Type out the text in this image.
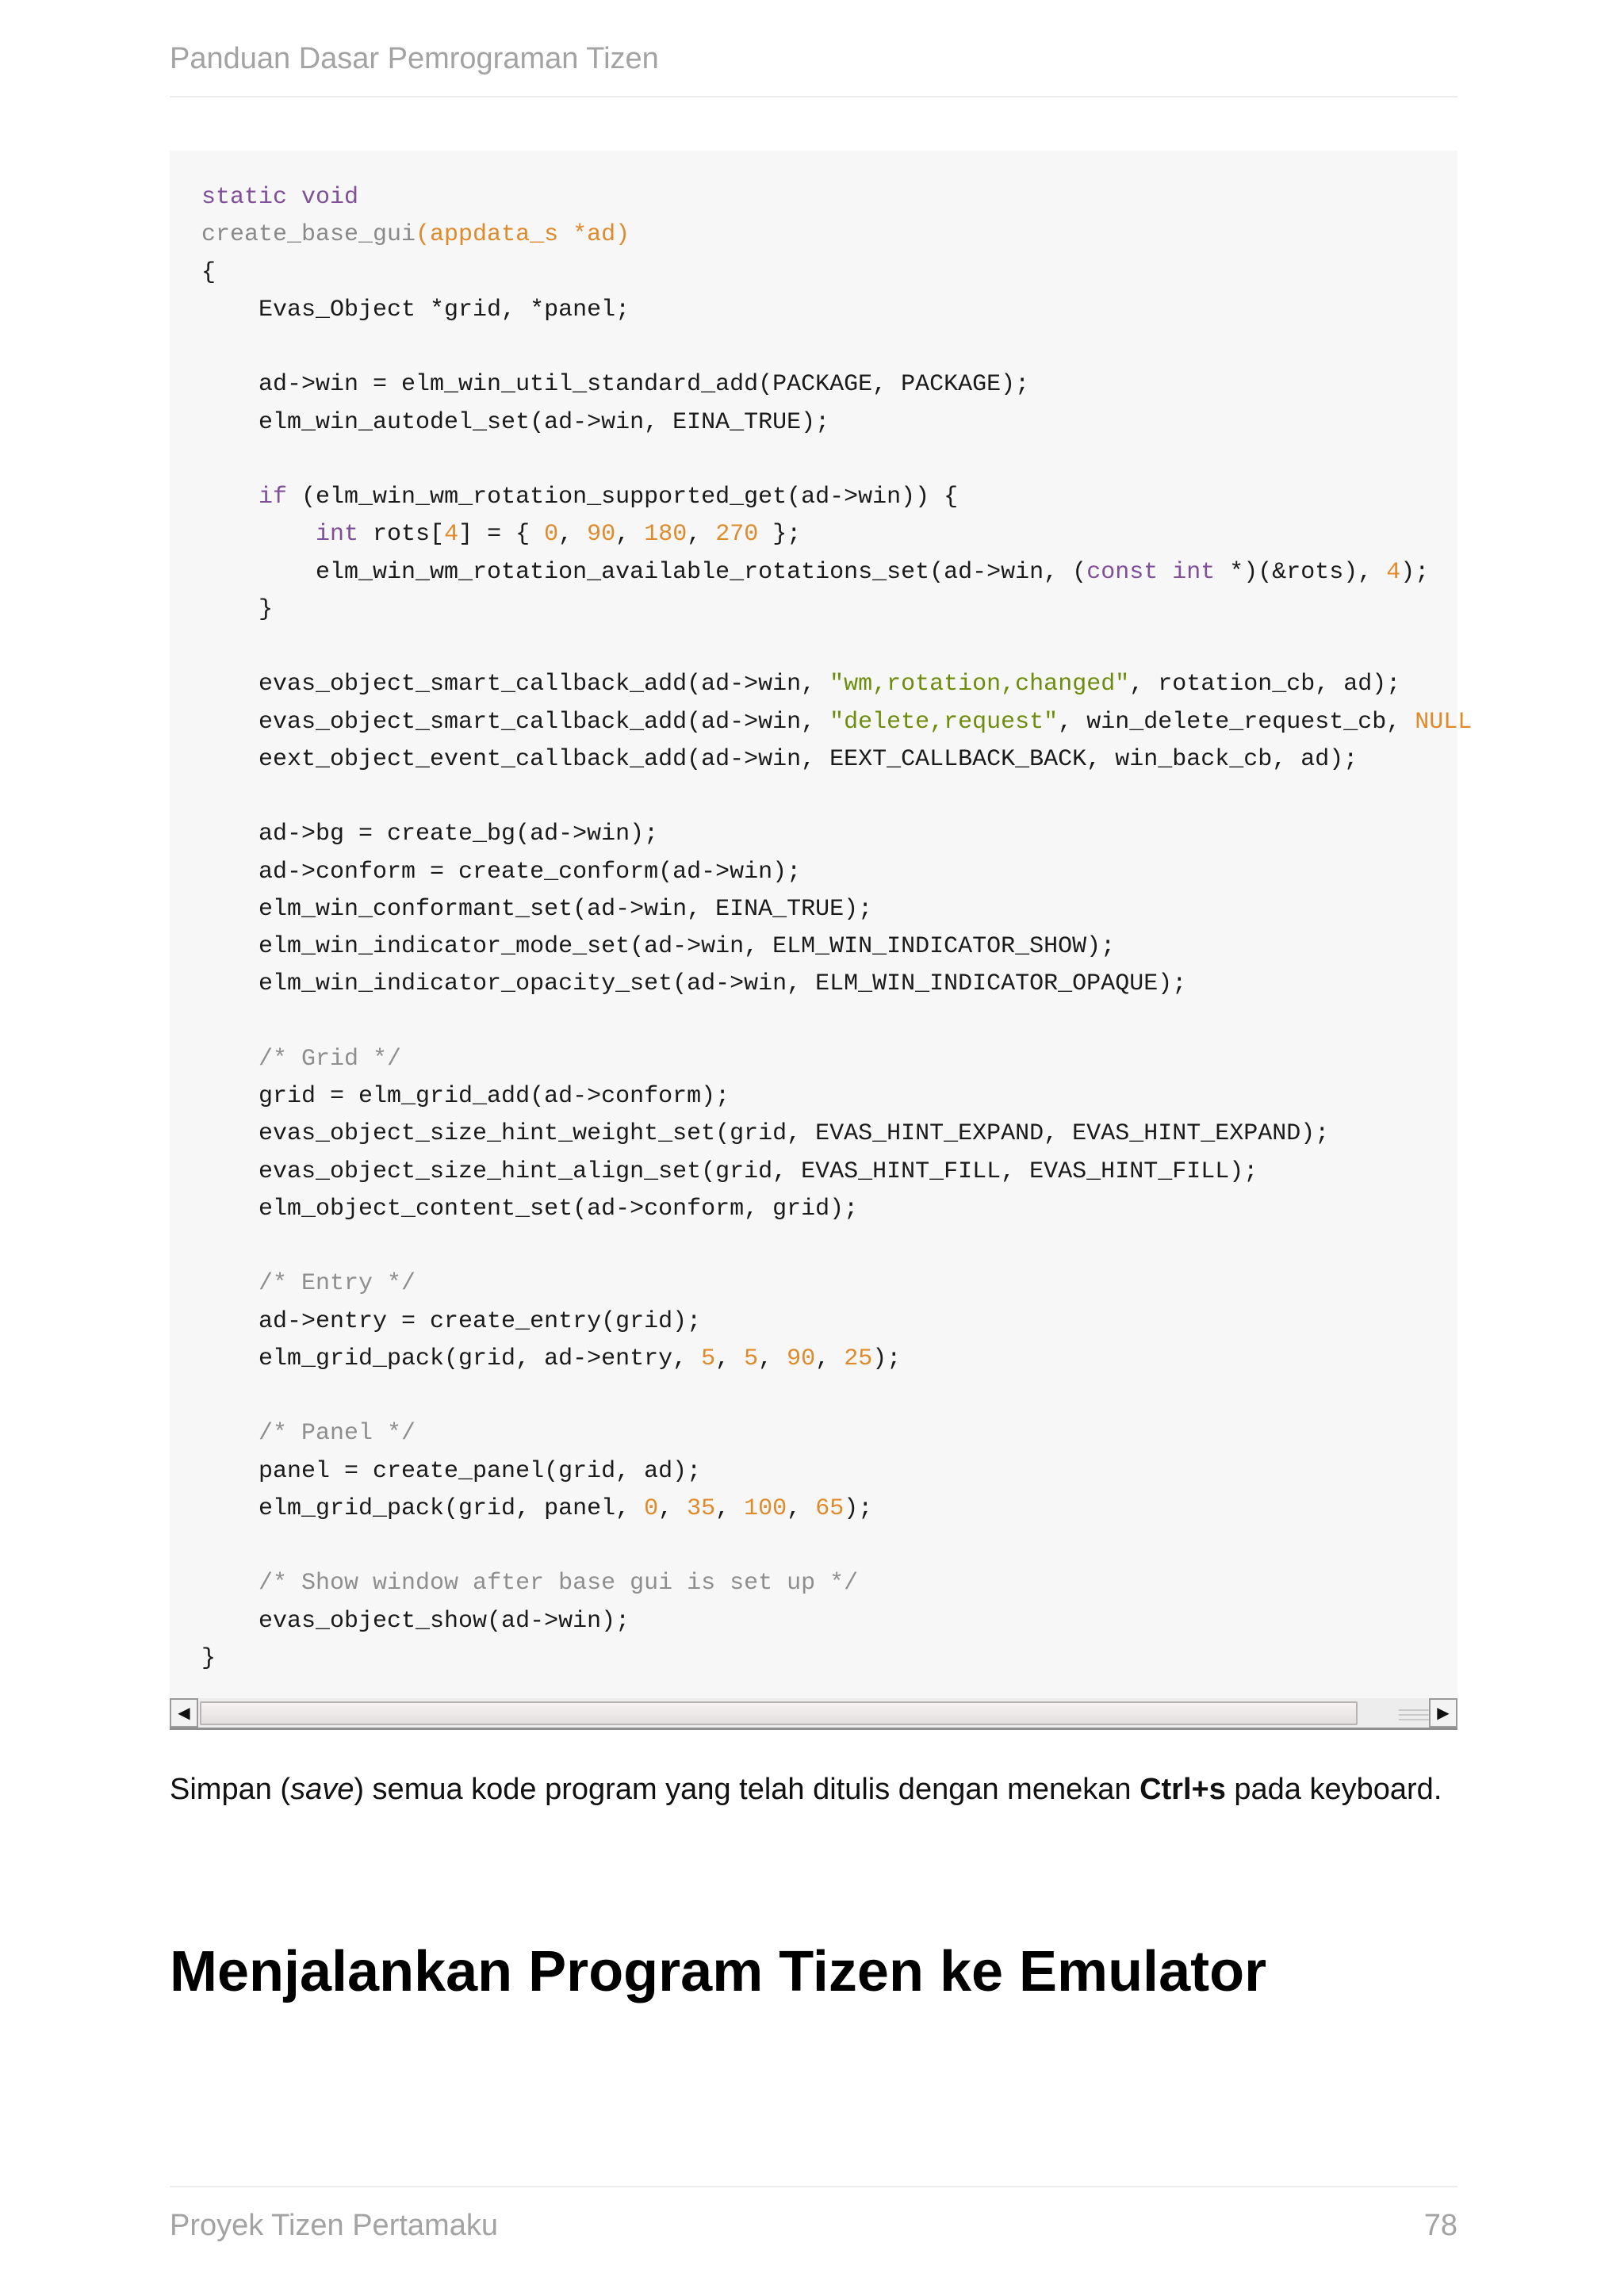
Panduan Dasar Pemrograman Tizen
static void
create_base_gui(appdata_s *ad)
{
Evas_Object *grid, *panel;

ad->win = elm_win_util_standard_add(PACKAGE, PACKAGE);
elm_win_autodel_set(ad->win, EINA_TRUE);

if (elm_win_wm_rotation_supported_get(ad->win)) {
int rots[4] = { 0, 90, 180, 270 };
elm_win_wm_rotation_available_rotations_set(ad->win, (const int *)(&rots), 4);
}

evas_object_smart_callback_add(ad->win, "wm,rotation,changed", rotation_cb, ad);
evas_object_smart_callback_add(ad->win, "delete,request", win_delete_request_cb, NULL
eext_object_event_callback_add(ad->win, EEXT_CALLBACK_BACK, win_back_cb, ad);

ad->bg = create_bg(ad->win);
ad->conform = create_conform(ad->win);
elm_win_conformant_set(ad->win, EINA_TRUE);
elm_win_indicator_mode_set(ad->win, ELM_WIN_INDICATOR_SHOW);
elm_win_indicator_opacity_set(ad->win, ELM_WIN_INDICATOR_OPAQUE);

/* Grid */
grid = elm_grid_add(ad->conform);
evas_object_size_hint_weight_set(grid, EVAS_HINT_EXPAND, EVAS_HINT_EXPAND);
evas_object_size_hint_align_set(grid, EVAS_HINT_FILL, EVAS_HINT_FILL);
elm_object_content_set(ad->conform, grid);

/* Entry */
ad->entry = create_entry(grid);
elm_grid_pack(grid, ad->entry, 5, 5, 90, 25);

/* Panel */
panel = create_panel(grid, ad);
elm_grid_pack(grid, panel, 0, 35, 100, 65);

/* Show window after base gui is set up */
evas_object_show(ad->win);
}
◀	▶

Simpan (save) semua kode program yang telah ditulis dengan menekan Ctrl+s pada keyboard.

Menjalankan Program Tizen ke Emulator
Proyek Tizen Pertamaku	78
